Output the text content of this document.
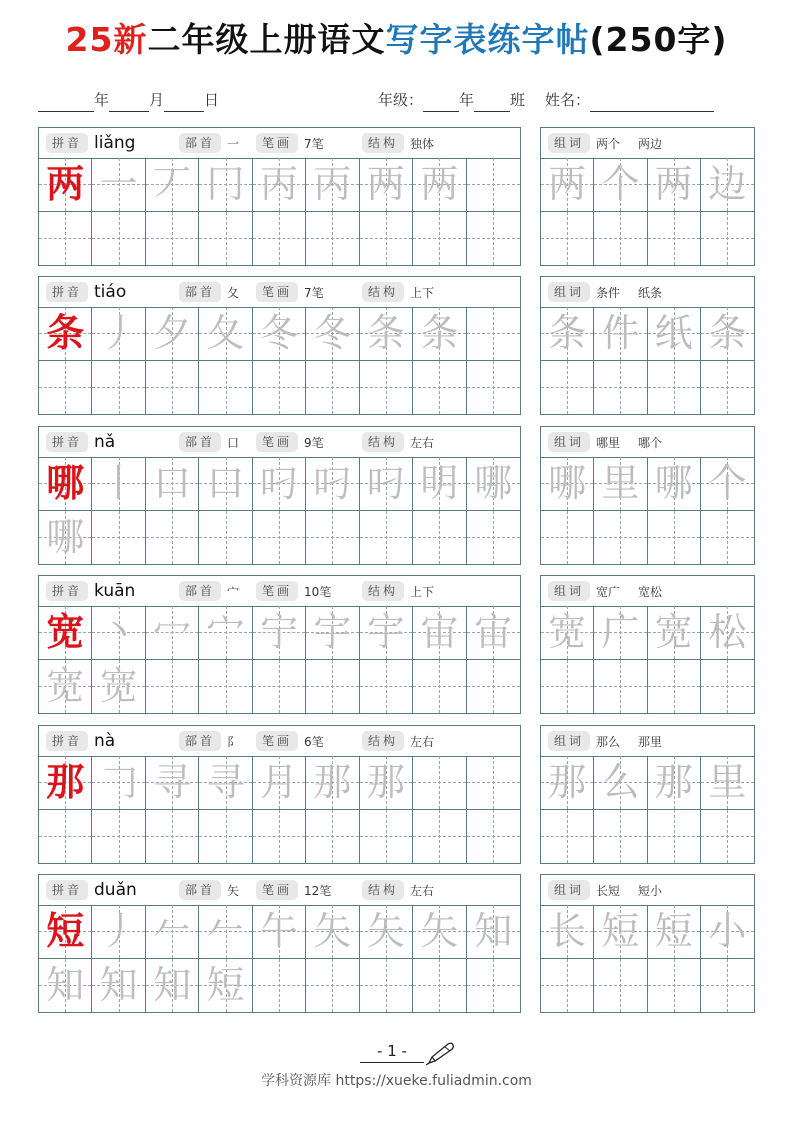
25新二年级上册语文写字表练字帖(250字)
年	月	日	年级： 年 班 姓名：
拼音 liǎng	部首	一	笔画	7笔	结构	独体
两 一 丆 冂 丙 丙 两 两
组词	两个 两边
两 个 两 边
拼音 tiáo	部首	夂	笔画	7笔	结构	上下
条 丿 夕 夂 冬 冬 条 条
组词	条件 纸条
条 件 纸 条
拼音 nǎ	部首	口	笔画	9笔	结构	左右
哪 丨 口 口 叼 叼 叼 明 哪
哪
组词	哪里 哪个
哪 里 哪 个
拼音 kuān	部首	宀	笔画	10笔	结构	上下
宽 丶 冖 宀 宁 宇 宇 宙 宙
宽 宽
组词	宽广 宽松
宽 广 宽 松
拼音 nà	部首	阝	笔画	6笔	结构	左右
那 𠃌 寻 寻 月 那 那
组词	那么 那里
那 么 那 里
拼音 duǎn	部首	矢	笔画	12笔	结构	左右
短 丿 𠂉 𠂉 午 矢 矢 矢 知
知 知 知 短
组词	长短 短小
长 短 短 小
- 1 -
学科资源库 https://xueke.fuliadmin.com
